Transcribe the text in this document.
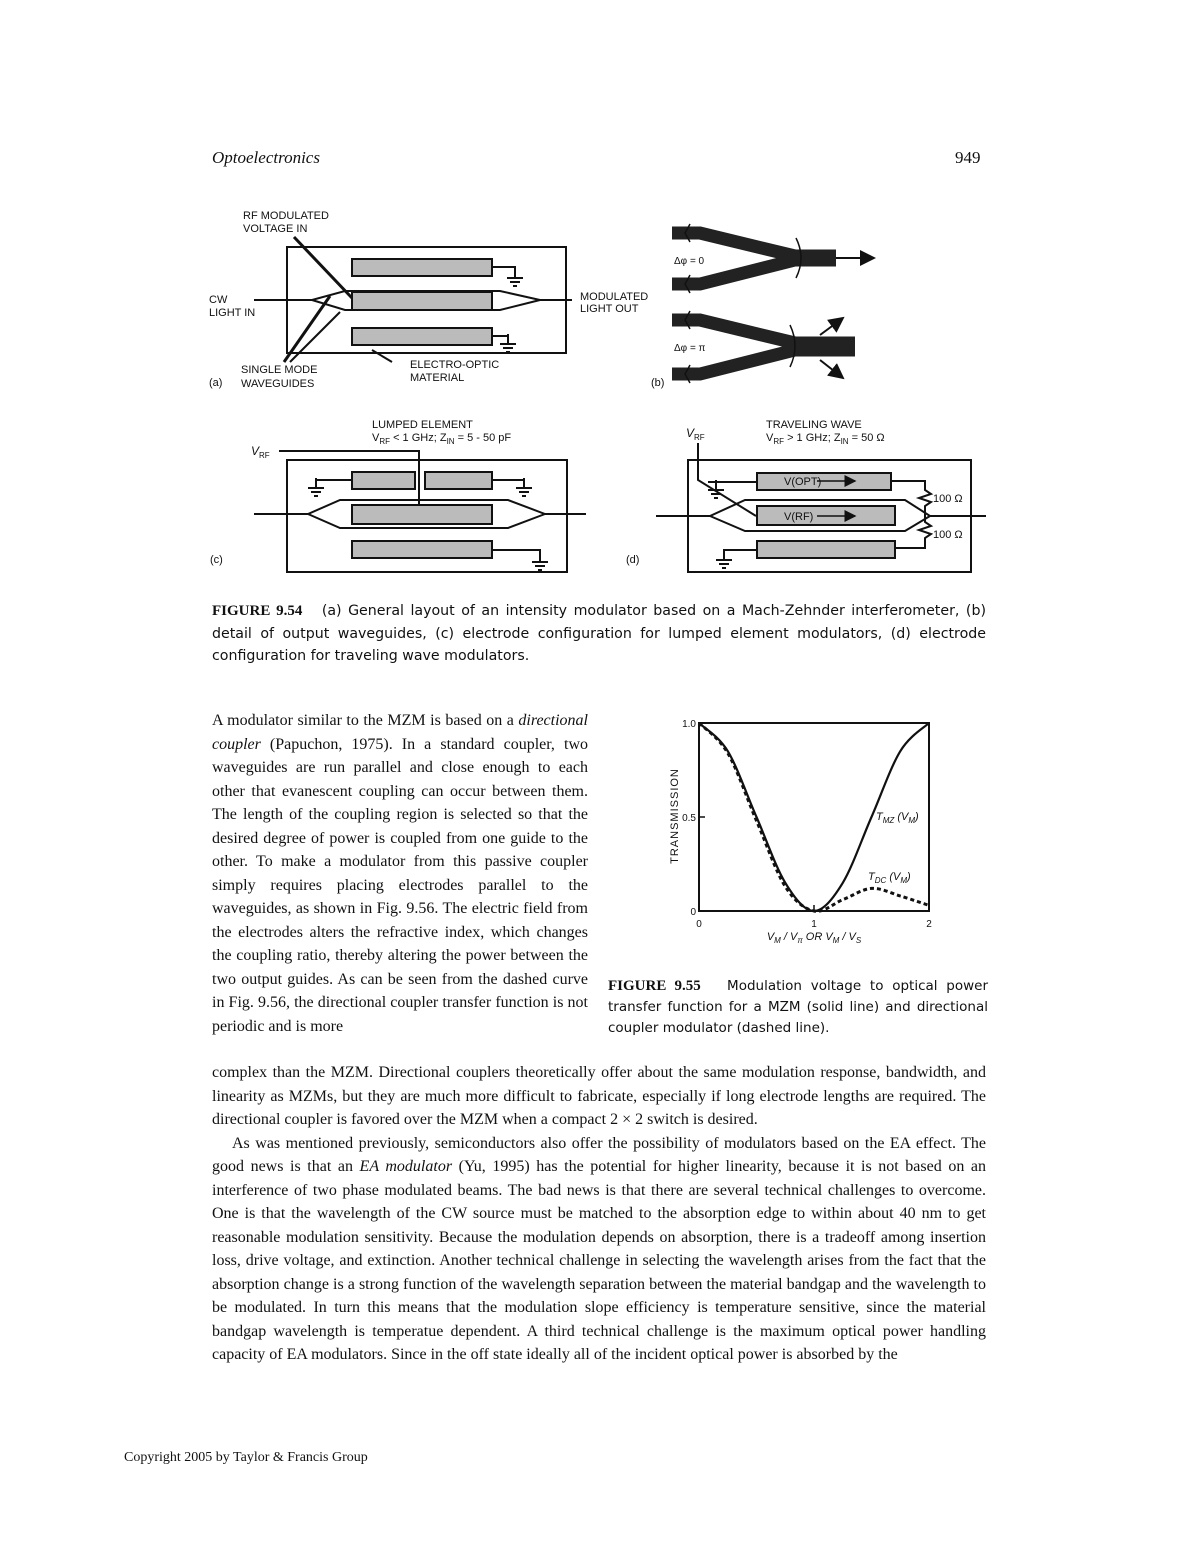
Optoelectronics	949
RF MODULATED
VOLTAGE IN
CW
LIGHT IN
MODULATED
LIGHT OUT
SINGLE MODE
WAVEGUIDES
ELECTRO-OPTIC
MATERIAL
(a)
Δφ = 0
Δφ = π
(b)
LUMPED ELEMENT
$V_{RF} < 1$ GHz; $Z_{IN} = 5 - 50$ pF
$V_{RF}$
(c)
V(OPT)
V(RF)
100 Ω
100 Ω
TRAVELING WAVE
$V_{RF} > 1$ GHz; $Z_{IN} = 50$ Ω
$V_{RF}$
(d)
FIGURE 9.54 (a) General layout of an intensity modulator based on a Mach-Zehnder interferometer, (b) detail of output waveguides, (c) electrode configuration for lumped element modulators, (d) electrode configuration for traveling wave modulators.

A modulator similar to the MZM is based on a directional coupler (Papuchon, 1975). In a standard coupler, two waveguides are run parallel and close enough to each other that evanescent coupling can occur between them. The length of the coupling region is selected so that the desired degree of power is coupled from one guide to the other. To make a modulator from this passive coupler simply requires placing electrodes parallel to the waveguides, as shown in Fig. 9.56. The electric field from the electrodes alters the refractive index, which changes the coupling ratio, thereby altering the power between the two output guides. As can be seen from the dashed curve in Fig. 9.56, the directional coupler transfer function is not periodic and is more

0
0.5
1.0
0	1	2
TRANSMISSION
$V_M / V_\pi$ OR $V_M / V_S$
$T_{MZ}$ $(V_M)$
$T_{DC}$ $(V_M)$
FIGURE 9.55 Modulation voltage to optical power transfer function for a MZM (solid line) and directional coupler modulator (dashed line).

complex than the MZM. Directional couplers theoretically offer about the same modulation response, bandwidth, and linearity as MZMs, but they are much more difficult to fabricate, especially if long electrode lengths are required. The directional coupler is favored over the MZM when a compact 2 × 2 switch is desired.

As was mentioned previously, semiconductors also offer the possibility of modulators based on the EA effect. The good news is that an EA modulator (Yu, 1995) has the potential for higher linearity, because it is not based on an interference of two phase modulated beams. The bad news is that there are several technical challenges to overcome. One is that the wavelength of the CW source must be matched to the absorption edge to within about 40 nm to get reasonable modulation sensitivity. Because the modulation depends on absorption, there is a tradeoff among insertion loss, drive voltage, and extinction. Another technical challenge in selecting the wavelength arises from the fact that the absorption change is a strong function of the wavelength separation between the material bandgap and the wavelength to be modulated. In turn this means that the modulation slope efficiency is temperature sensitive, since the material bandgap wavelength is temperatue dependent. A third technical challenge is the maximum optical power handling capacity of EA modulators. Since in the off state ideally all of the incident optical power is absorbed by the

Copyright 2005 by Taylor & Francis Group
